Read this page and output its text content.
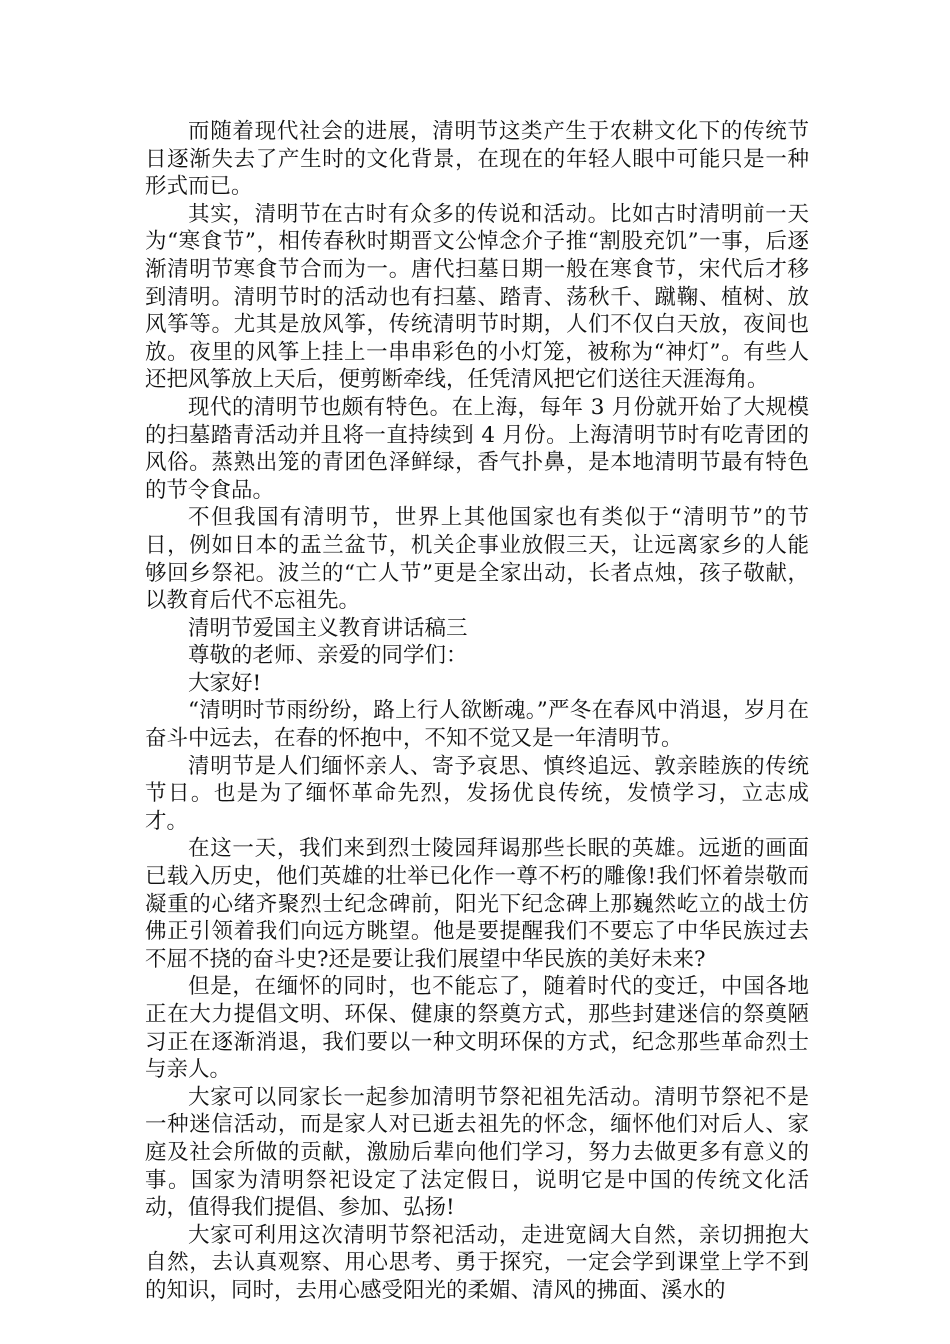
而随着现代社会的进展，清明节这类产生于农耕文化下的传统节日逐渐失去了产生时的文化背景，在现在的年轻人眼中可能只是一种形式而已。

其实，清明节在古时有众多的传说和活动。比如古时清明前一天为“寒食节”，相传春秋时期晋文公悼念介子推“割股充饥”一事，后逐渐清明节寒食节合而为一。唐代扫墓日期一般在寒食节，宋代后才移到清明。清明节时的活动也有扫墓、踏青、荡秋千、蹴鞠、植树、放风筝等。尤其是放风筝，传统清明节时期，人们不仅白天放，夜间也放。夜里的风筝上挂上一串串彩色的小灯笼，被称为“神灯”。有些人还把风筝放上天后，便剪断牵线，任凭清风把它们送往天涯海角。

现代的清明节也颇有特色。在上海，每年 3 月份就开始了大规模的扫墓踏青活动并且将一直持续到 4 月份。上海清明节时有吃青团的风俗。蒸熟出笼的青团色泽鲜绿，香气扑鼻，是本地清明节最有特色的节令食品。

不但我国有清明节，世界上其他国家也有类似于“清明节”的节日，例如日本的盂兰盆节，机关企事业放假三天，让远离家乡的人能够回乡祭祀。波兰的“亡人节”更是全家出动，长者点烛，孩子敬献，以教育后代不忘祖先。

清明节爱国主义教育讲话稿三

尊敬的老师、亲爱的同学们：

大家好!

“清明时节雨纷纷，路上行人欲断魂。”严冬在春风中消退，岁月在奋斗中远去，在春的怀抱中，不知不觉又是一年清明节。

清明节是人们缅怀亲人、寄予哀思、慎终追远、敦亲睦族的传统节日。也是为了缅怀革命先烈，发扬优良传统，发愤学习，立志成才。

在这一天，我们来到烈士陵园拜谒那些长眠的英雄。远逝的画面已载入历史，他们英雄的壮举已化作一尊不朽的雕像!我们怀着崇敬而凝重的心绪齐聚烈士纪念碑前，阳光下纪念碑上那巍然屹立的战士仿佛正引领着我们向远方眺望。他是要提醒我们不要忘了中华民族过去不屈不挠的奋斗史?还是要让我们展望中华民族的美好未来?

但是，在缅怀的同时，也不能忘了，随着时代的变迁，中国各地正在大力提倡文明、环保、健康的祭奠方式，那些封建迷信的祭奠陋习正在逐渐消退，我们要以一种文明环保的方式，纪念那些革命烈士与亲人。

大家可以同家长一起参加清明节祭祀祖先活动。清明节祭祀不是一种迷信活动，而是家人对已逝去祖先的怀念，缅怀他们对后人、家庭及社会所做的贡献，激励后辈向他们学习，努力去做更多有意义的事。国家为清明祭祀设定了法定假日，说明它是中国的传统文化活动，值得我们提倡、参加、弘扬!

大家可利用这次清明节祭祀活动，走进宽阔大自然，亲切拥抱大自然，去认真观察、用心思考、勇于探究，一定会学到课堂上学不到的知识，同时，去用心感受阳光的柔媚、清风的拂面、溪水的
